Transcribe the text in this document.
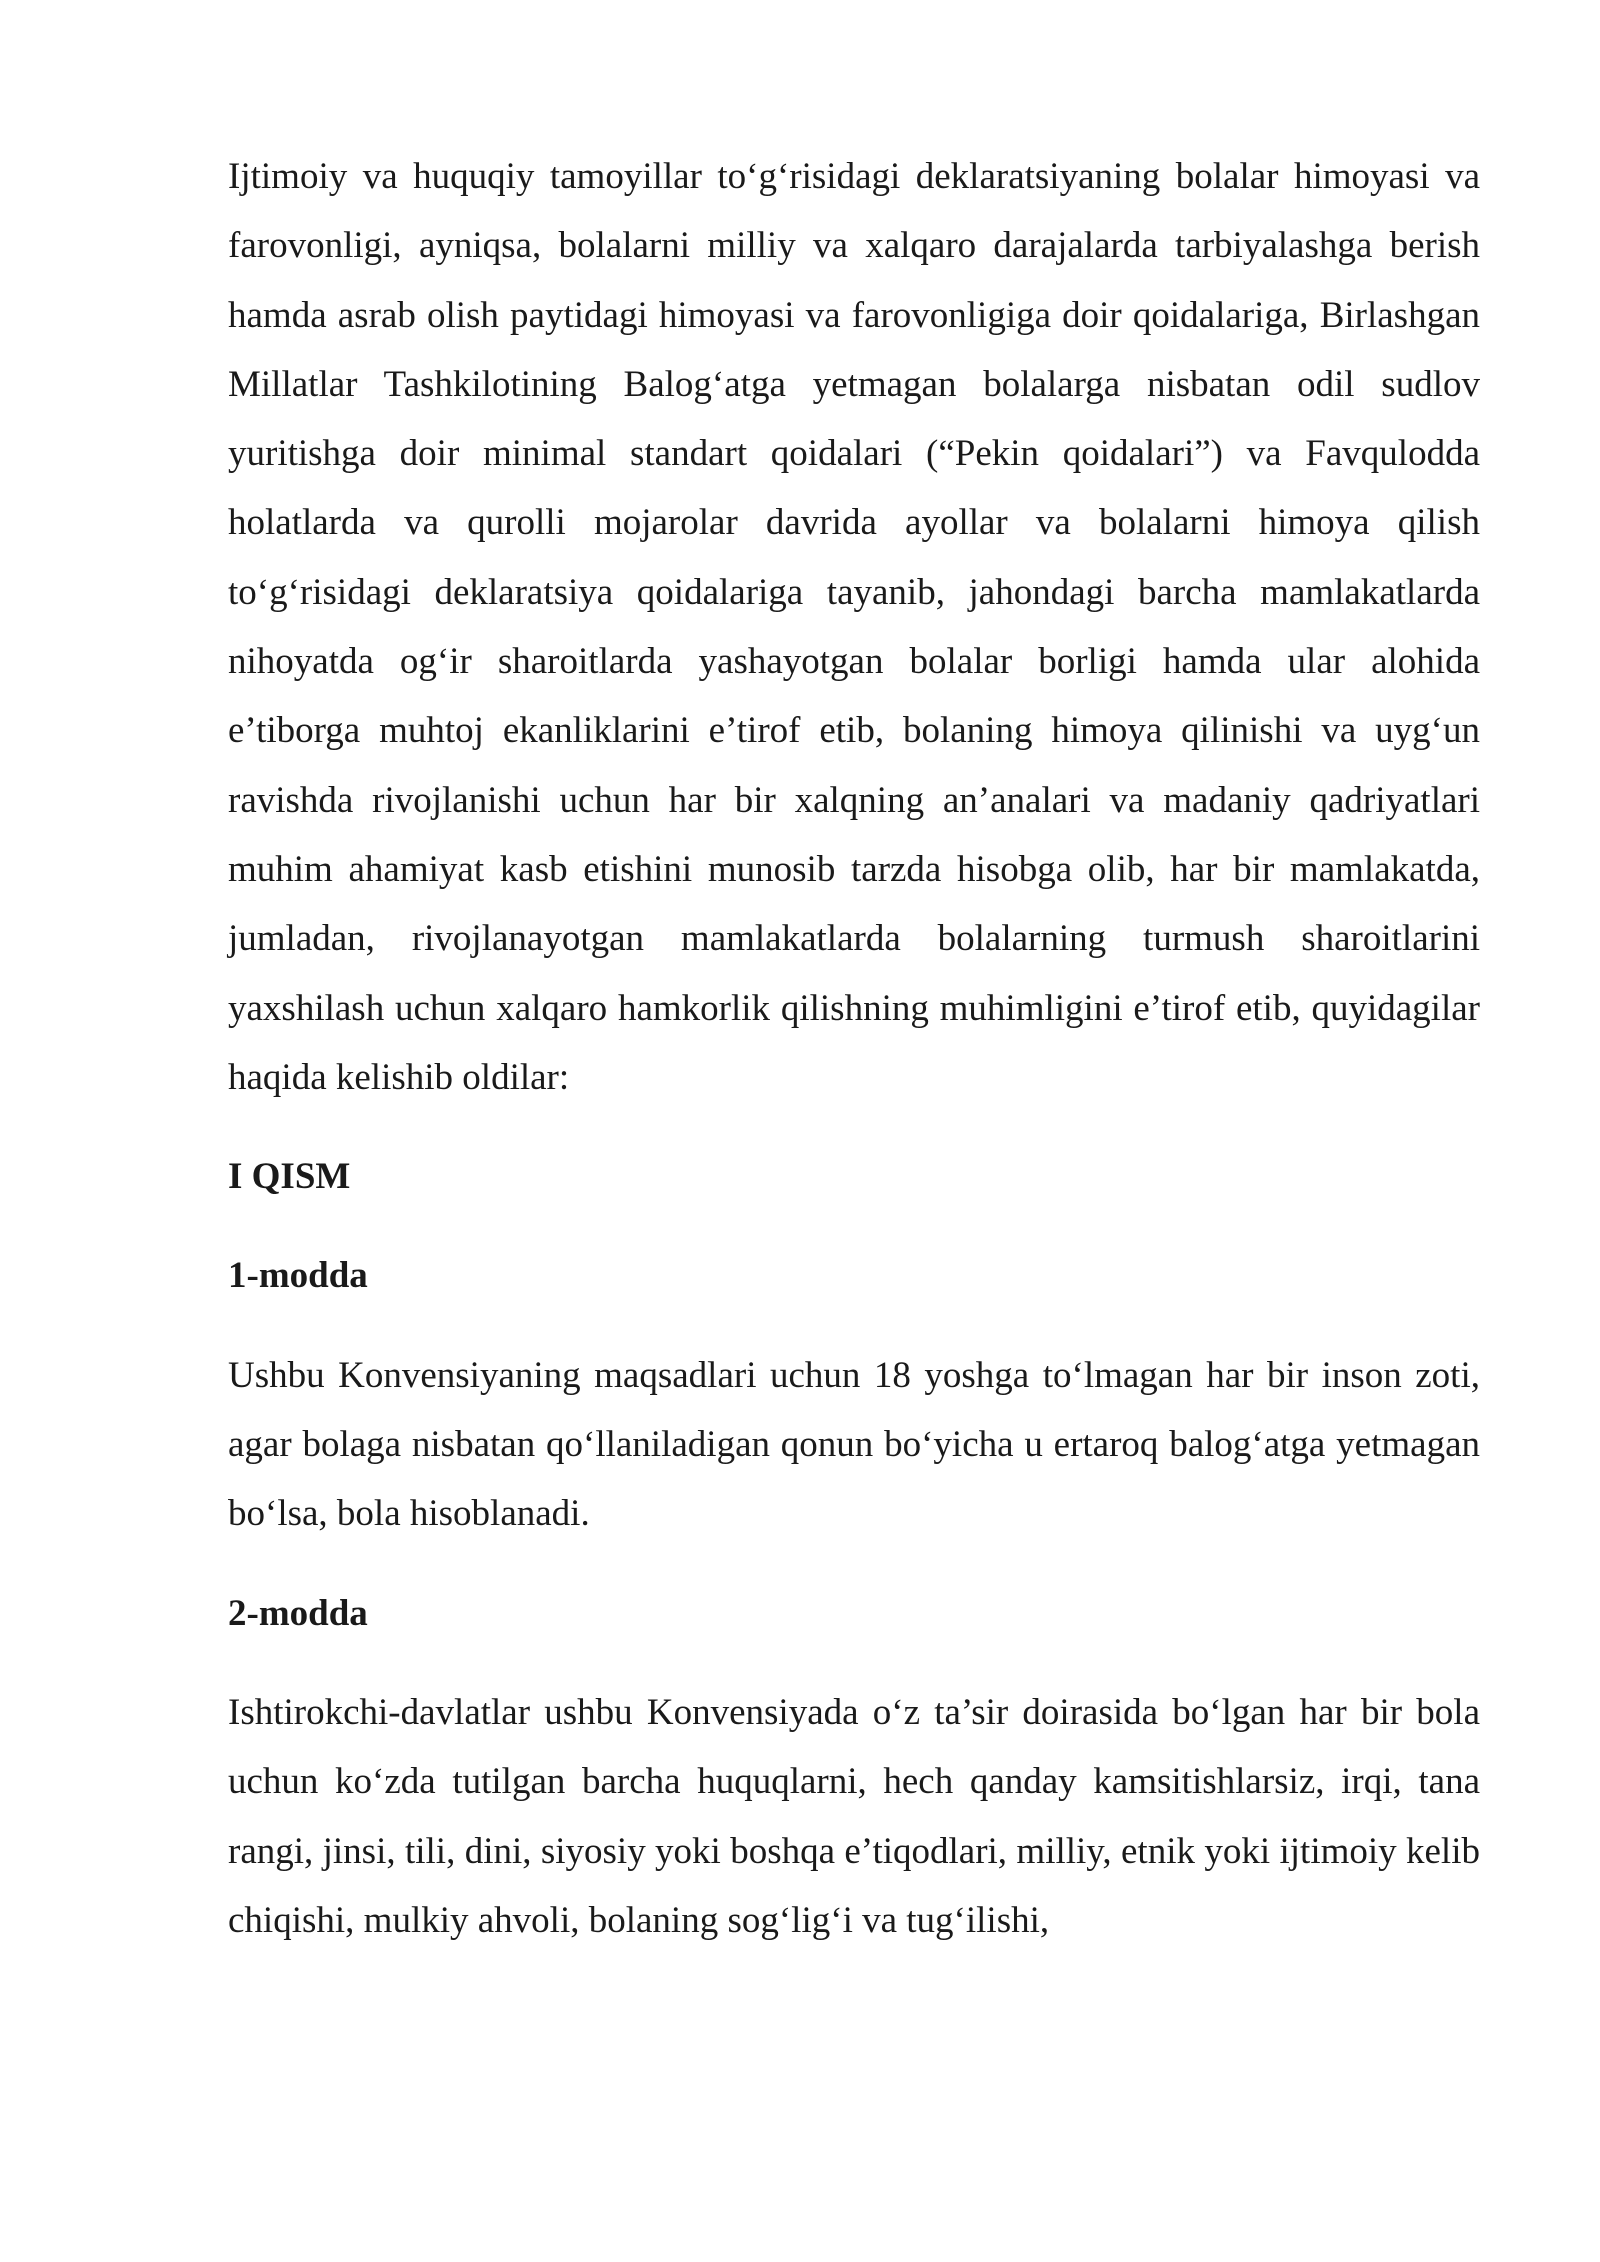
Ijtimoiy va huquqiy tamoyillar to‘g‘risidagi deklaratsiyaning bolalar himoyasi va farovonligi, ayniqsa, bolalarni milliy va xalqaro darajalarda tarbiyalashga berish hamda asrab olish paytidagi himoyasi va farovonligiga doir qoidalariga, Birlashgan Millatlar Tashkilotining Balog‘atga yetmagan bolalarga nisbatan odil sudlov yuritishga doir minimal standart qoidalari (“Pekin qoidalari”) va Favqulodda holatlarda va qurolli mojarolar davrida ayollar va bolalarni himoya qilish to‘g‘risidagi deklaratsiya qoidalariga tayanib, jahondagi barcha mamlakatlarda nihoyatda og‘ir sharoitlarda yashayotgan bolalar borligi hamda ular alohida e’tiborga muhtoj ekanliklarini e’tirof etib, bolaning himoya qilinishi va uyg‘un ravishda rivojlanishi uchun har bir xalqning an’analari va madaniy qadriyatlari muhim ahamiyat kasb etishini munosib tarzda hisobga olib, har bir mamlakatda, jumladan, rivojlanayotgan mamlakatlarda bolalarning turmush sharoitlarini yaxshilash uchun xalqaro hamkorlik qilishning muhimligini e’tirof etib, quyidagilar haqida kelishib oldilar:

I QISM

1-modda

Ushbu Konvensiyaning maqsadlari uchun 18 yoshga to‘lmagan har bir inson zoti, agar bolaga nisbatan qo‘llaniladigan qonun bo‘yicha u ertaroq balog‘atga yetmagan bo‘lsa, bola hisoblanadi.

2-modda

Ishtirokchi-davlatlar ushbu Konvensiyada o‘z ta’sir doirasida bo‘lgan har bir bola uchun ko‘zda tutilgan barcha huquqlarni, hech qanday kamsitishlarsiz, irqi, tana rangi, jinsi, tili, dini, siyosiy yoki boshqa e’tiqodlari, milliy, etnik yoki ijtimoiy kelib chiqishi, mulkiy ahvoli, bolaning sog‘lig‘i va tug‘ilishi,
